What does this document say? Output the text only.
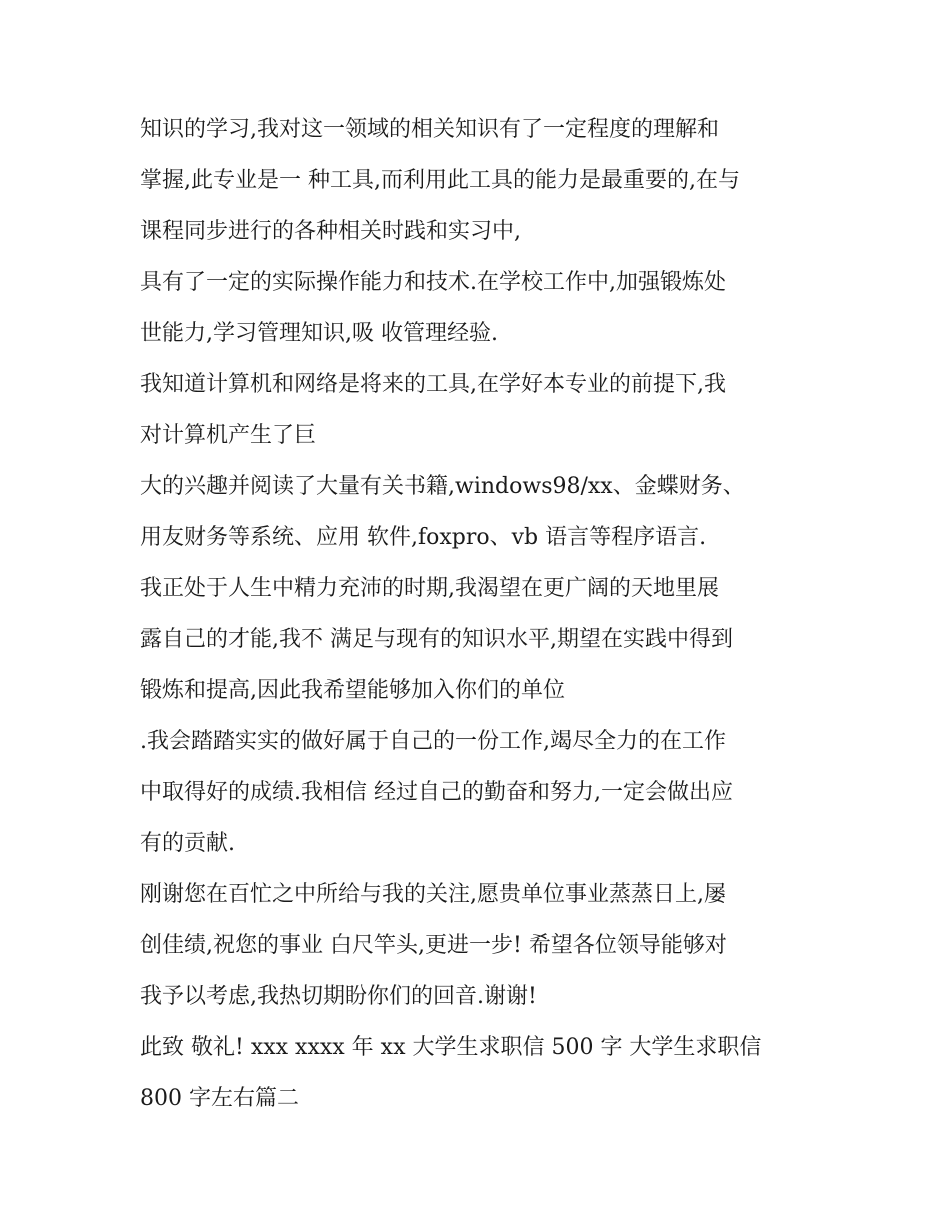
知识的学习,我对这一领域的相关知识有了一定程度的理解和
掌握,此专业是一 种工具,而利用此工具的能力是最重要的,在与
课程同步进行的各种相关时践和实习中,
具有了一定的实际操作能力和技术.在学校工作中,加强锻炼处
世能力,学习管理知识,吸 收管理经验.
我知道计算机和网络是将来的工具,在学好本专业的前提下,我
对计算机产生了巨
大的兴趣并阅读了大量有关书籍,windows98/xx、金蝶财务、
用友财务等系统、应用 软件,foxpro、vb 语言等程序语言.
我正处于人生中精力充沛的时期,我渴望在更广阔的天地里展
露自己的才能,我不 满足与现有的知识水平,期望在实践中得到
锻炼和提高,因此我希望能够加入你们的单位
.我会踏踏实实的做好属于自己的一份工作,竭尽全力的在工作
中取得好的成绩.我相信 经过自己的勤奋和努力,一定会做出应
有的贡献.
刚谢您在百忙之中所给与我的关注,愿贵单位事业蒸蒸日上,屡
创佳绩,祝您的事业 白尺竿头,更进一步! 希望各位领导能够对
我予以考虑,我热切期盼你们的回音.谢谢!
此致 敬礼! xxx xxxx 年 xx 大学生求职信 500 字 大学生求职信
800 字左右篇二
